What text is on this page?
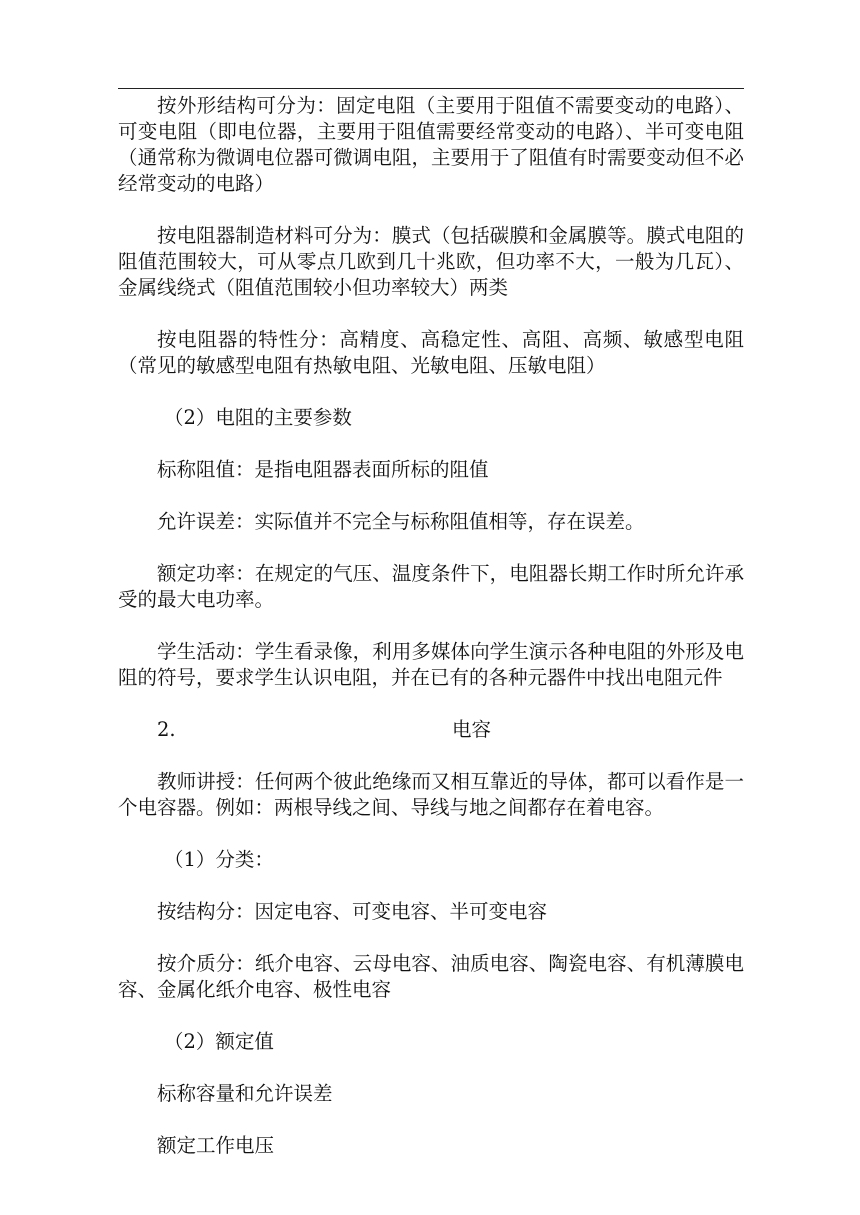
按外形结构可分为：固定电阻（主要用于阻值不需要变动的电路）、可变电阻（即电位器，主要用于阻值需要经常变动的电路）、半可变电阻（通常称为微调电位器可微调电阻，主要用于了阻值有时需要变动但不必经常变动的电路）

按电阻器制造材料可分为：膜式（包括碳膜和金属膜等。膜式电阻的阻值范围较大，可从零点几欧到几十兆欧，但功率不大，一般为几瓦）、金属线绕式（阻值范围较小但功率较大）两类

按电阻器的特性分：高精度、高稳定性、高阻、高频、敏感型电阻（常见的敏感型电阻有热敏电阻、光敏电阻、压敏电阻）

（2）电阻的主要参数

标称阻值：是指电阻器表面所标的阻值

允许误差：实际值并不完全与标称阻值相等，存在误差。

额定功率：在规定的气压、温度条件下，电阻器长期工作时所允许承受的最大电功率。

学生活动：学生看录像，利用多媒体向学生演示各种电阻的外形及电阻的符号，要求学生认识电阻，并在已有的各种元器件中找出电阻元件

2.	电容

教师讲授：任何两个彼此绝缘而又相互靠近的导体，都可以看作是一个电容器。例如：两根导线之间、导线与地之间都存在着电容。

（1）分类：

按结构分：因定电容、可变电容、半可变电容

按介质分：纸介电容、云母电容、油质电容、陶瓷电容、有机薄膜电容、金属化纸介电容、极性电容

（2）额定值

标称容量和允许误差

额定工作电压
